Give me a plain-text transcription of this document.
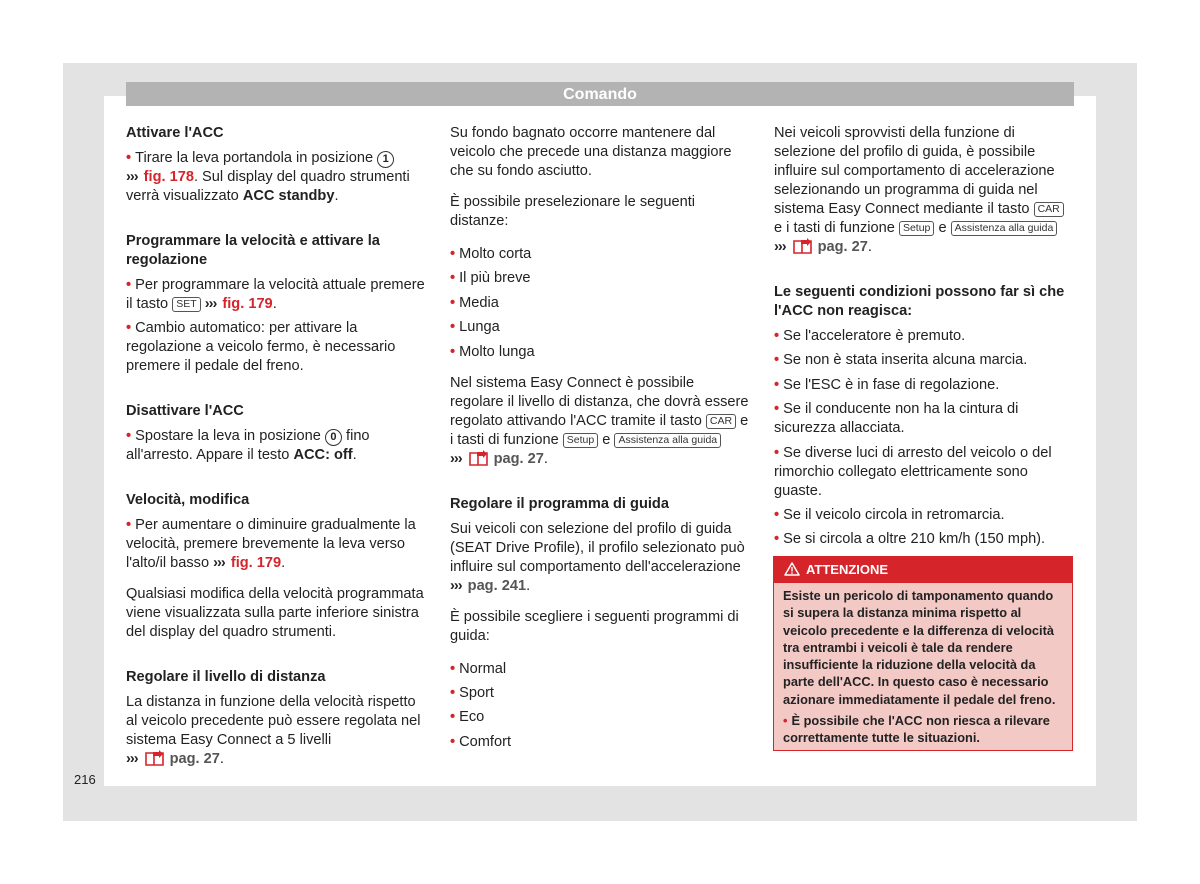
Comando
Attivare l'ACC
• Tirare la leva portandola in posizione 1
››› fig. 178. Sul display del quadro strumenti verrà visualizzato ACC standby.
Programmare la velocità e attivare la regolazione
• Per programmare la velocità attuale premere il tasto SET ››› fig. 179.
• Cambio automatico: per attivare la regolazione a veicolo fermo, è necessario premere il pedale del freno.
Disattivare l'ACC
• Spostare la leva in posizione 0 fino all'arresto. Appare il testo ACC: off.
Velocità, modifica
• Per aumentare o diminuire gradualmente la velocità, premere brevemente la leva verso l'alto/il basso ››› fig. 179.
Qualsiasi modifica della velocità programmata viene visualizzata sulla parte inferiore sinistra del display del quadro strumenti.
Regolare il livello di distanza
La distanza in funzione della velocità rispetto al veicolo precedente può essere regolata nel sistema Easy Connect a 5 livelli
››› pag. 27.
Su fondo bagnato occorre mantenere dal veicolo che precede una distanza maggiore che su fondo asciutto.
È possibile preselezionare le seguenti distanze:
• Molto corta
• Il più breve
• Media
• Lunga
• Molto lunga
Nel sistema Easy Connect è possibile regolare il livello di distanza, che dovrà essere regolato attivando l'ACC tramite il tasto CAR e i tasti di funzione Setup e Assistenza alla guida
››› pag. 27.
Regolare il programma di guida
Sui veicoli con selezione del profilo di guida (SEAT Drive Profile), il profilo selezionato può influire sul comportamento dell'accelerazione ››› pag. 241.
È possibile scegliere i seguenti programmi di guida:
• Normal
• Sport
• Eco
• Comfort
Nei veicoli sprovvisti della funzione di selezione del profilo di guida, è possibile influire sul comportamento di accelerazione selezionando un programma di guida nel sistema Easy Connect mediante il tasto CAR e i tasti di funzione Setup e Assistenza alla guida
››› pag. 27.
Le seguenti condizioni possono far sì che l'ACC non reagisca:
• Se l'acceleratore è premuto.
• Se non è stata inserita alcuna marcia.
• Se l'ESC è in fase di regolazione.
• Se il conducente non ha la cintura di sicurezza allacciata.
• Se diverse luci di arresto del veicolo o del rimorchio collegato elettricamente sono guaste.
• Se il veicolo circola in retromarcia.
• Se si circola a oltre 210 km/h (150 mph).
ATTENZIONE
Esiste un pericolo di tamponamento quando si supera la distanza minima rispetto al veicolo precedente e la differenza di velocità tra entrambi i veicoli è tale da rendere insufficiente la riduzione della velocità da parte dell'ACC. In questo caso è necessario azionare immediatamente il pedale del freno.
• È possibile che l'ACC non riesca a rilevare correttamente tutte le situazioni.
216
